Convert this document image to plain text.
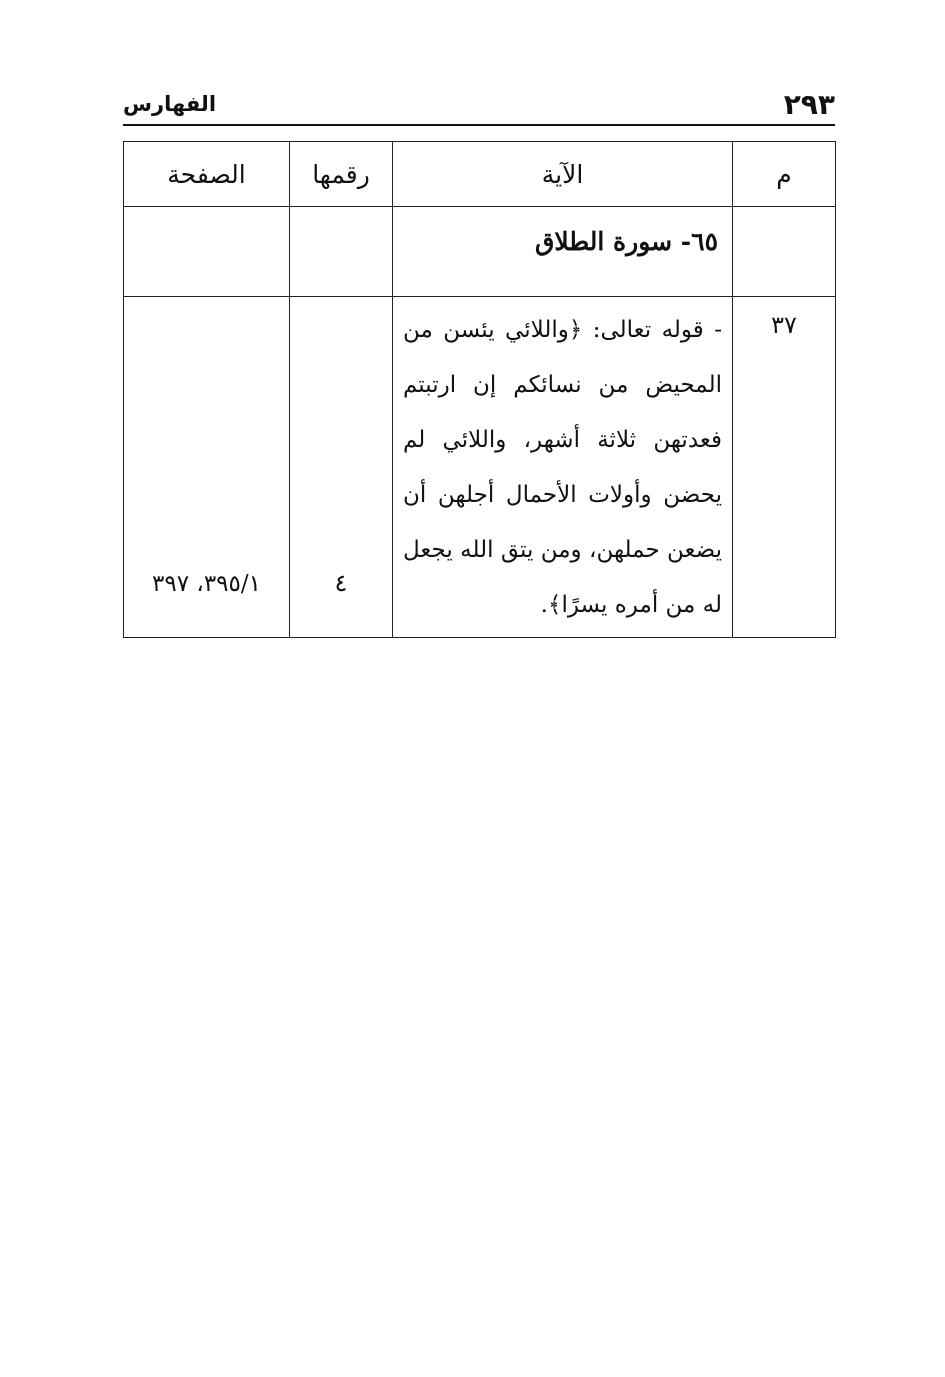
٢٩٣
الفهارس
م	الآية	رقمها	الصفحة

	٦٥- سورة الطلاق		

٣٧	- قوله تعالى: ﴿واللائي يئسن من المحيض من نسائكم إن ارتبتم فعدتهن ثلاثة أشهر، واللائي لم يحضن وأولات الأحمال أجلهن أن يضعن حملهن، ومن يتق الله يجعل له من أمره يسرًا﴾.	٤	٣٩٥/١، ٣٩٧
